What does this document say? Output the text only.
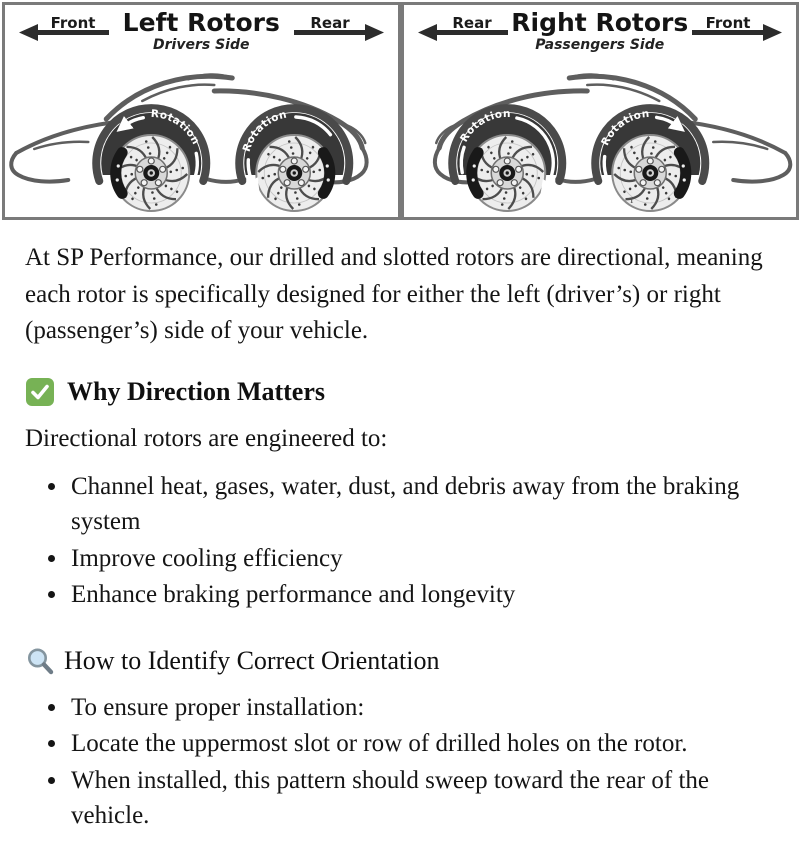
Front	Left Rotors
Drivers Side
Rear
Rotation
Rotation
Rear Right Rotors
Passengers Side
Front
Rotation
Rotation
r

At SP Performance, our drilled and slotted rotors are directional, meaning each rotor is specifically designed for either the left (driver’s) or right (passenger’s) side of your vehicle.

Why Direction Matters

Directional rotors are engineered to:

• Channel heat, gases, water, dust, and debris away from the braking system
• Improve cooling efficiency
• Enhance braking performance and longevity
How to Identify Correct Orientation
• To ensure proper installation:
• Locate the uppermost slot or row of drilled holes on the rotor.
• When installed, this pattern should sweep toward the rear of the vehicle.
